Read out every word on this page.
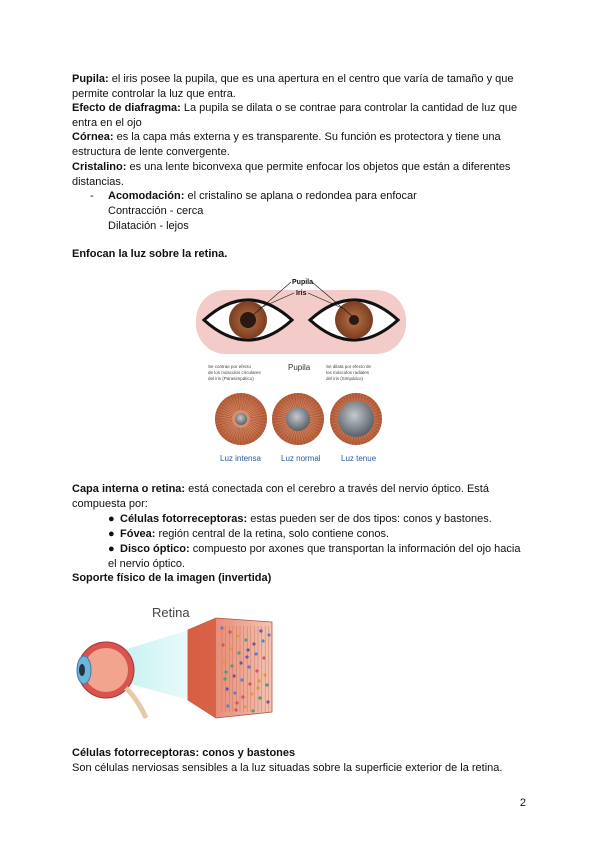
Pupila: el iris posee la pupila, que es una apertura en el centro que varía de tamaño y que
permite controlar la luz que entra.
Efecto de diafragma: La pupila se dilata o se contrae para controlar la cantidad de luz que
entra en el ojo
Córnea: es la capa más externa y es transparente. Su función es protectora y tiene una
estructura de lente convergente.
Cristalino: es una lente biconvexa que permite enfocar los objetos que están a diferentes
distancias.
- Acomodación: el cristalino se aplana o redondea para enfocar
Contracción - cerca
Dilatación - lejos
Enfocan la luz sobre la retina.
Pupila
Iris
Se contrae por efecto de los músculos circulares del iris (Parasimpático)
Pupila	Se dilata por efecto de los músculos radiales del iris (Simpático)
Luz intensa	Luz normal	Luz tenue
Capa interna o retina: está conectada con el cerebro a través del nervio óptico. Está
compuesta por:
● Células fotorreceptoras: estas pueden ser de dos tipos: conos y bastones.
● Fóvea: región central de la retina, solo contiene conos.
● Disco óptico: compuesto por axones que transportan la información del ojo hacia
el nervio óptico.
Soporte físico de la imagen (invertida)
Retina
Células fotorreceptoras: conos y bastones
Son células nerviosas sensibles a la luz situadas sobre la superficie exterior de la retina.
2
